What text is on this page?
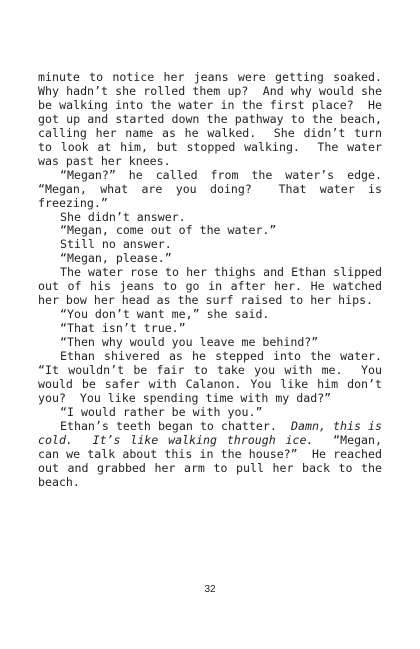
minute to notice her jeans were getting soaked.  Why hadn’t she rolled them up?  And why would she be walking into the water in the first place?  He got up and started down the pathway to the beach, calling her name as he walked.  She didn’t turn to look at him, but stopped walking.  The water was past her knees.

“Megan?” he called from the water’s edge. “Megan, what are you doing?  That water is freezing.”

She didn’t answer.

“Megan, come out of the water.”

Still no answer.

“Megan, please.”

The water rose to her thighs and Ethan slipped out of his jeans to go in after her. He watched her bow her head as the surf raised to her hips.

“You don’t want me,” she said.

“That isn’t true.”

“Then why would you leave me behind?”

Ethan shivered as he stepped into the water.  “It wouldn’t be fair to take you with me.  You would be safer with Calanon. You like him don’t you?  You like spending time with my dad?”

“I would rather be with you.”

Ethan’s teeth began to chatter.  Damn, this is cold.  It’s like walking through ice.  “Megan, can we talk about this in the house?”  He reached out and grabbed her arm to pull her back to the beach.

32
